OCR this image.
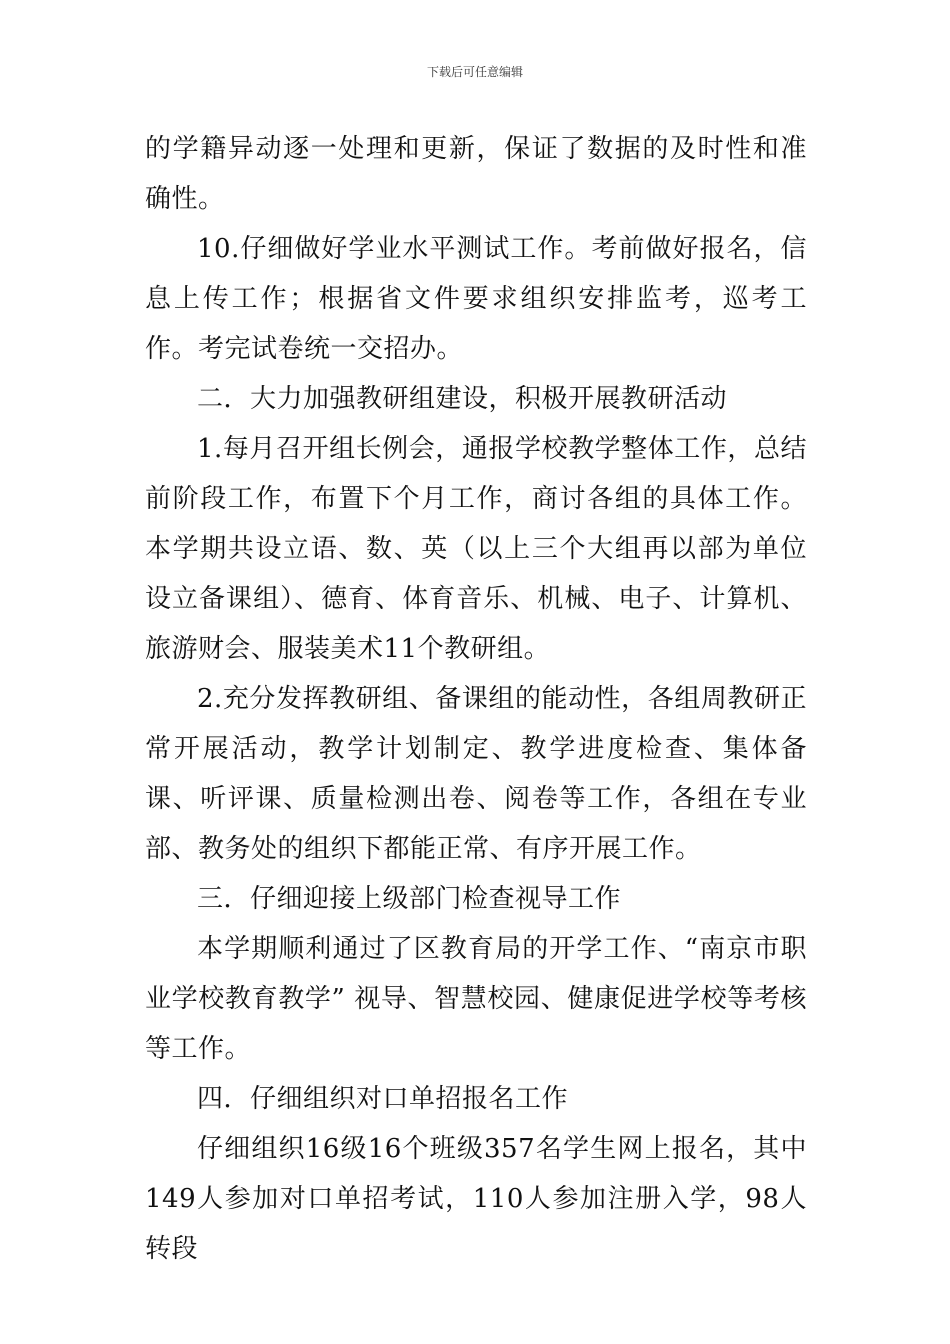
下载后可任意编辑

的学籍异动逐一处理和更新，保证了数据的及时性和准确性。

10.仔细做好学业水平测试工作。考前做好报名，信息上传工作；根据省文件要求组织安排监考，巡考工作。考完试卷统一交招办。

二．大力加强教研组建设，积极开展教研活动

1.每月召开组长例会，通报学校教学整体工作，总结前阶段工作，布置下个月工作，商讨各组的具体工作。本学期共设立语、数、英（以上三个大组再以部为单位设立备课组）、德育、体育音乐、机械、电子、计算机、旅游财会、服装美术11个教研组。

2.充分发挥教研组、备课组的能动性，各组周教研正常开展活动，教学计划制定、教学进度检查、集体备课、听评课、质量检测出卷、阅卷等工作，各组在专业部、教务处的组织下都能正常、有序开展工作。

三．仔细迎接上级部门检查视导工作

本学期顺利通过了区教育局的开学工作、“南京市职业学校教育教学” 视导、智慧校园、健康促进学校等考核等工作。

四．仔细组织对口单招报名工作

仔细组织16级16个班级357名学生网上报名，其中149人参加对口单招考试，110人参加注册入学，98人转段
